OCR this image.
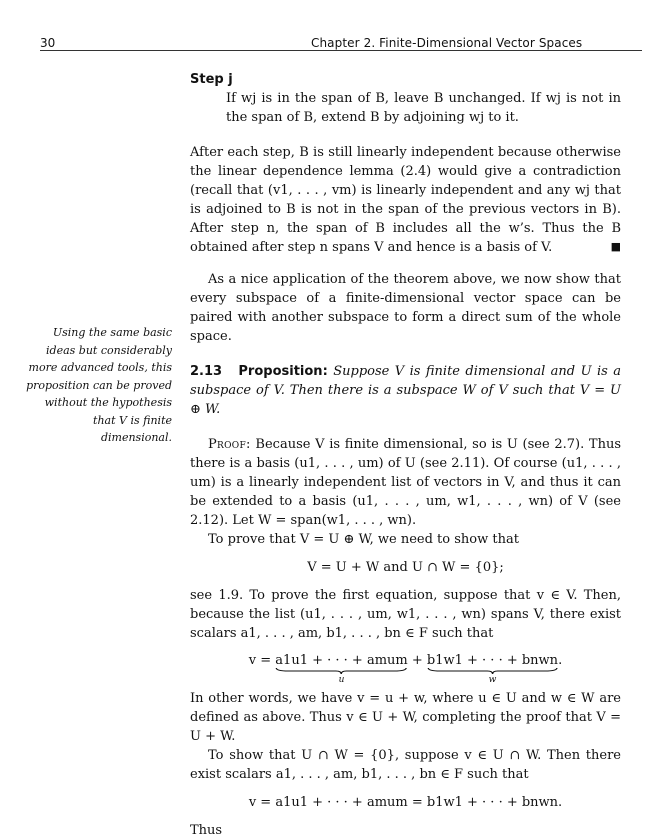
30	Chapter 2. Finite-Dimensional Vector Spaces
Using the same basic ideas but considerably more advanced tools, this proposition can be proved without the hypothesis that V is finite dimensional.
Step j

If wj is in the span of B, leave B unchanged. If wj is not in the span of B, extend B by adjoining wj to it.

After each step, B is still linearly independent because otherwise the linear dependence lemma (2.4) would give a contradiction (recall that (v1, . . . , vm) is linearly independent and any wj that is adjoined to B is not in the span of the previous vectors in B). After step n, the span of B includes all the w’s. Thus the B obtained after step n spans V and hence is a basis of V.	■

As a nice application of the theorem above, we now show that every subspace of a finite-dimensional vector space can be paired with another subspace to form a direct sum of the whole space.

2.13 Proposition: Suppose V is finite dimensional and U is a subspace of V. Then there is a subspace W of V such that V = U ⊕ W.

Proof: Because V is finite dimensional, so is U (see 2.7). Thus there is a basis (u1, . . . , um) of U (see 2.11). Of course (u1, . . . , um) is a linearly independent list of vectors in V, and thus it can be extended to a basis (u1, . . . , um, w1, . . . , wn) of V (see 2.12). Let W = span(w1, . . . , wn).

To prove that V = U ⊕ W, we need to show that

V = U + W and U ∩ W = {0};

see 1.9. To prove the first equation, suppose that v ∈ V. Then, because the list (u1, . . . , um, w1, . . . , wn) spans V, there exist scalars a1, . . . , am, b1, . . . , bn ∈ F such that

v = a1u1 + · · · + amum
u
+ b1w1 + · · · + bnwn
w
.

In other words, we have v = u + w, where u ∈ U and w ∈ W are defined as above. Thus v ∈ U + W, completing the proof that V = U + W.

To show that U ∩ W = {0}, suppose v ∈ U ∩ W. Then there exist scalars a1, . . . , am, b1, . . . , bn ∈ F such that

v = a1u1 + · · · + amum = b1w1 + · · · + bnwn.

Thus
